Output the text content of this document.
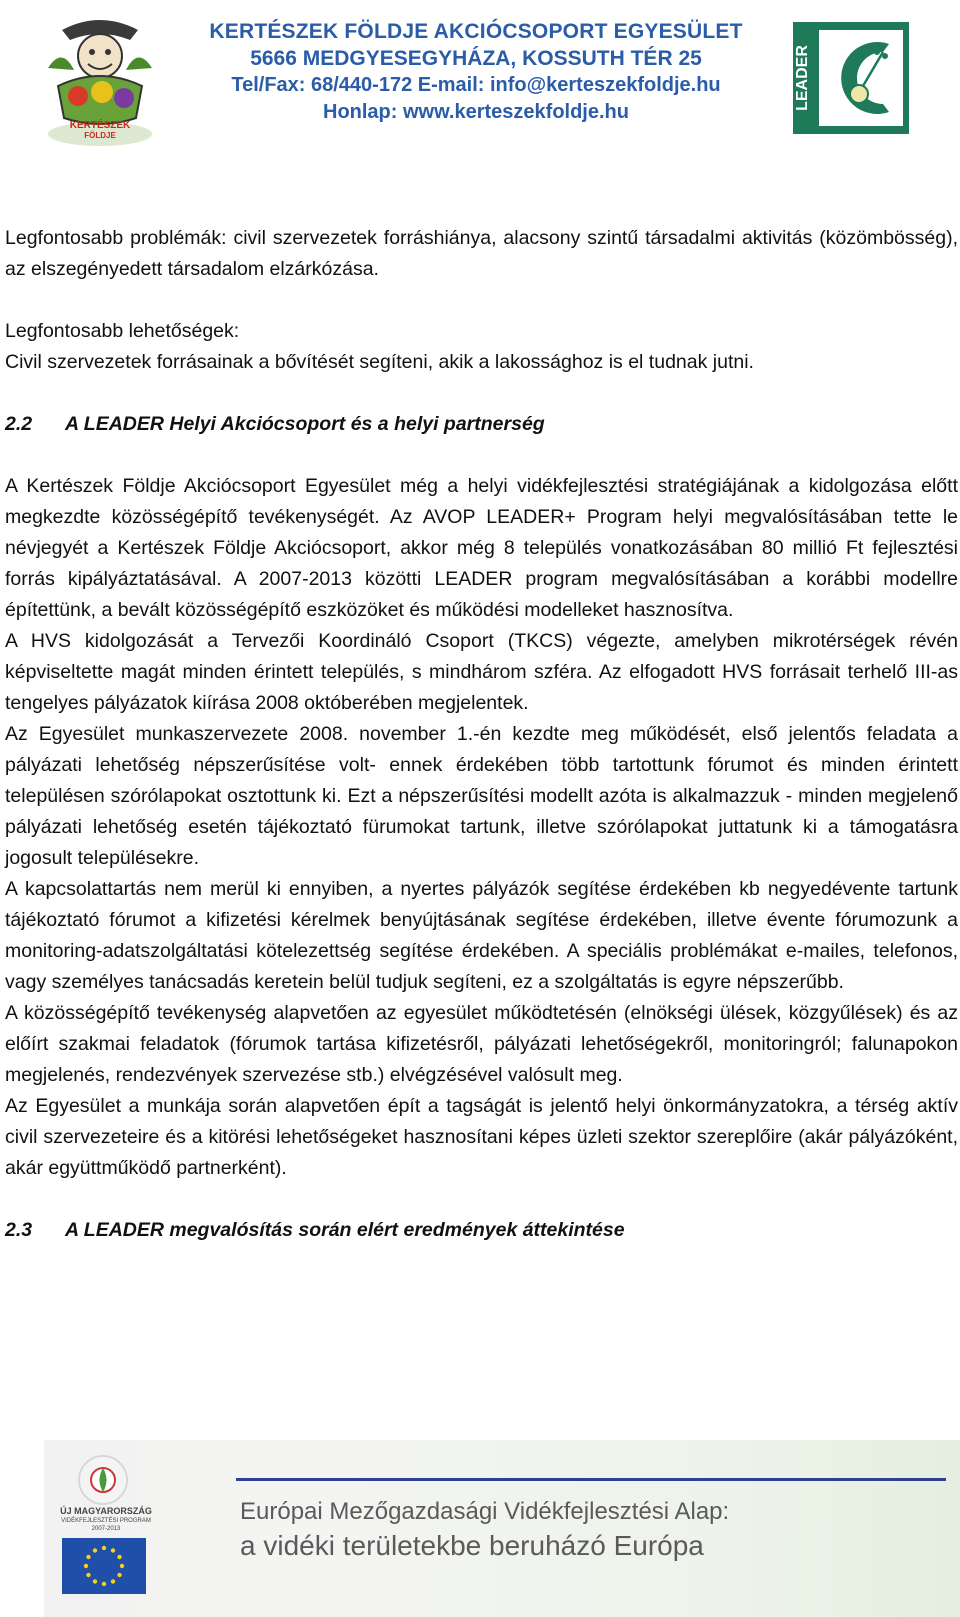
KERTÉSZEK
FÖLDJE
KERTÉSZEK FÖLDJE AKCIÓCSOPORT EGYESÜLET
5666 MEDGYESEGYHÁZA, KOSSUTH TÉR 25
Tel/Fax: 68/440-172 E-mail: info@kerteszekfoldje.hu
Honlap: www.kerteszekfoldje.hu
LEADER

Legfontosabb problémák: civil szervezetek forráshiánya, alacsony szintű társadalmi aktivitás (közömbösség), az elszegényedett társadalom elzárkózása.

Legfontosabb lehetőségek:

Civil szervezetek forrásainak a bővítését segíteni, akik a lakossághoz is el tudnak jutni.

2.2 A LEADER Helyi Akciócsoport és a helyi partnerség

A Kertészek Földje Akciócsoport Egyesület még a helyi vidékfejlesztési stratégiájának a kidolgozása előtt megkezdte közösségépítő tevékenységét. Az AVOP LEADER+ Program helyi megvalósításában tette le névjegyét a Kertészek Földje Akciócsoport, akkor még 8 település vonatkozásában 80 millió Ft fejlesztési forrás kipályáztatásával. A 2007-2013 közötti LEADER program megvalósításában a korábbi modellre építettünk, a bevált közösségépítő eszközöket és működési modelleket hasznosítva.

A HVS kidolgozását a Tervezői Koordináló Csoport (TKCS) végezte, amelyben mikrotérségek révén képviseltette magát minden érintett település, s mindhárom szféra. Az elfogadott HVS forrásait terhelő III-as tengelyes pályázatok kiírása 2008 októberében megjelentek.

Az Egyesület munkaszervezete 2008. november 1.-én kezdte meg működését, első jelentős feladata a pályázati lehetőség népszerűsítése volt- ennek érdekében több tartottunk fórumot és minden érintett településen szórólapokat osztottunk ki. Ezt a népszerűsítési modellt azóta is alkalmazzuk - minden megjelenő pályázati lehetőség esetén tájékoztató fürumokat tartunk, illetve szórólapokat juttatunk ki a támogatásra jogosult településekre.

A kapcsolattartás nem merül ki ennyiben, a nyertes pályázók segítése érdekében kb negyedévente tartunk tájékoztató fórumot a kifizetési kérelmek benyújtásának segítése érdekében, illetve évente fórumozunk a monitoring-adatszolgáltatási kötelezettség segítése érdekében. A speciális problémákat e-mailes, telefonos, vagy személyes tanácsadás keretein belül tudjuk segíteni, ez a szolgáltatás is egyre népszerűbb.

A közösségépítő tevékenység alapvetően az egyesület működtetésén (elnökségi ülések, közgyűlések) és az előírt szakmai feladatok (fórumok tartása kifizetésről, pályázati lehetőségekről, monitoringról; falunapokon megjelenés, rendezvények szervezése stb.) elvégzésével valósult meg.

Az Egyesület a munkája során alapvetően épít a tagságát is jelentő helyi önkormányzatokra, a térség aktív civil szervezeteire és a kitörési lehetőségeket hasznosítani képes üzleti szektor szereplőire (akár pályázóként, akár együttműködő partnerként).

2.3 A LEADER megvalósítás során elért eredmények áttekintése

ÚJ MAGYARORSZÁG
VIDÉKFEJLESZTÉSI PROGRAM 2007-2013
Európai Mezőgazdasági Vidékfejlesztési Alap:
a vidéki területekbe beruházó Európa
